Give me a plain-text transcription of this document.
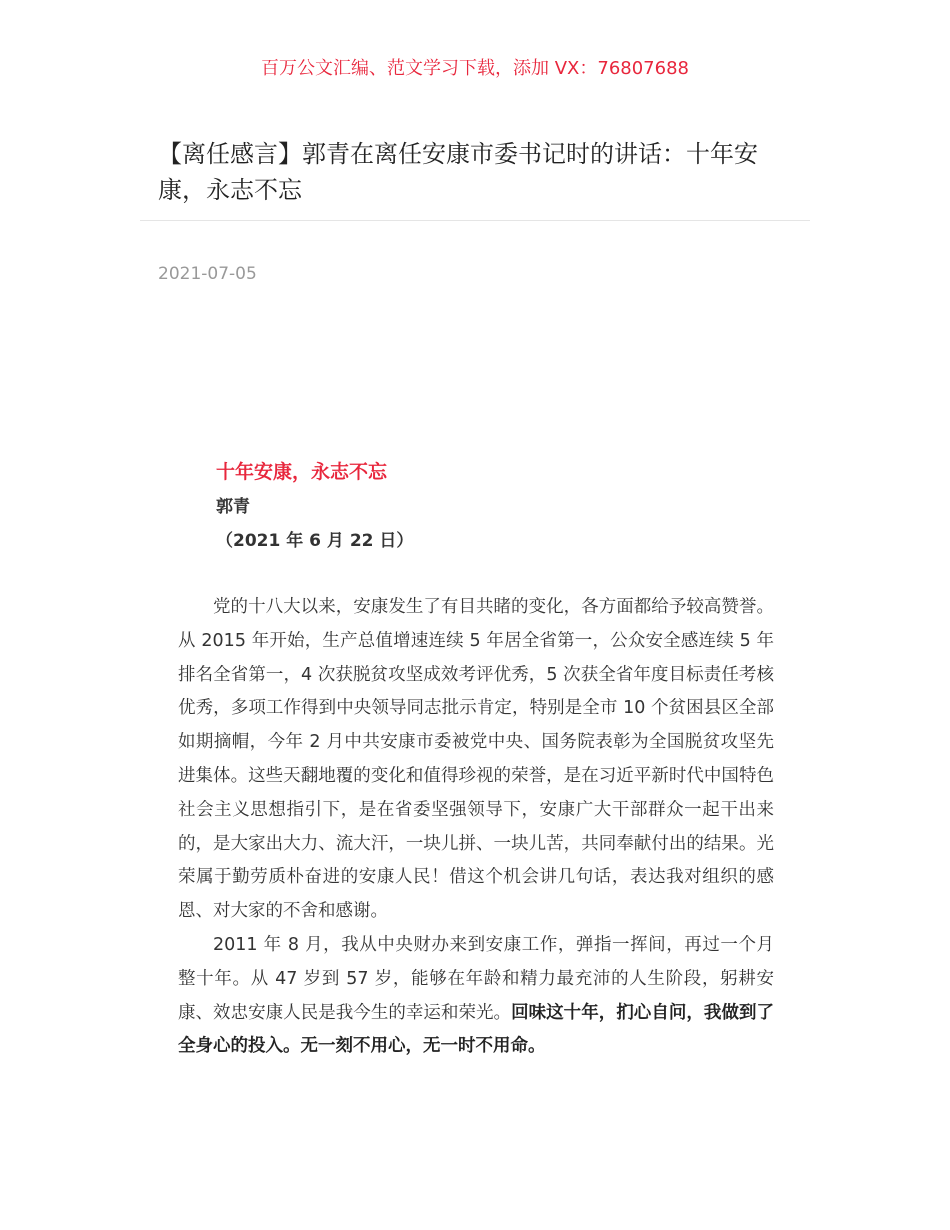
百万公文汇编、范文学习下载，添加 VX：76807688
【离任感言】郭青在离任安康市委书记时的讲话：十年安康，永志不忘
2021-07-05
十年安康，永志不忘
郭青
（2021 年 6 月 22 日）

党的十八大以来，安康发生了有目共睹的变化，各方面都给予较高赞誉。从 2015 年开始，生产总值增速连续 5 年居全省第一，公众安全感连续 5 年排名全省第一，4 次获脱贫攻坚成效考评优秀，5 次获全省年度目标责任考核优秀，多项工作得到中央领导同志批示肯定，特别是全市 10 个贫困县区全部如期摘帽，今年 2 月中共安康市委被党中央、国务院表彰为全国脱贫攻坚先进集体。这些天翻地覆的变化和值得珍视的荣誉，是在习近平新时代中国特色社会主义思想指引下，是在省委坚强领导下，安康广大干部群众一起干出来的，是大家出大力、流大汗，一块儿拼、一块儿苦，共同奉献付出的结果。光荣属于勤劳质朴奋进的安康人民！借这个机会讲几句话，表达我对组织的感恩、对大家的不舍和感谢。

2011 年 8 月，我从中央财办来到安康工作，弹指一挥间，再过一个月整十年。从 47 岁到 57 岁，能够在年龄和精力最充沛的人生阶段，躬耕安康、效忠安康人民是我今生的幸运和荣光。回味这十年，扪心自问，我做到了全身心的投入。无一刻不用心，无一时不用命。
